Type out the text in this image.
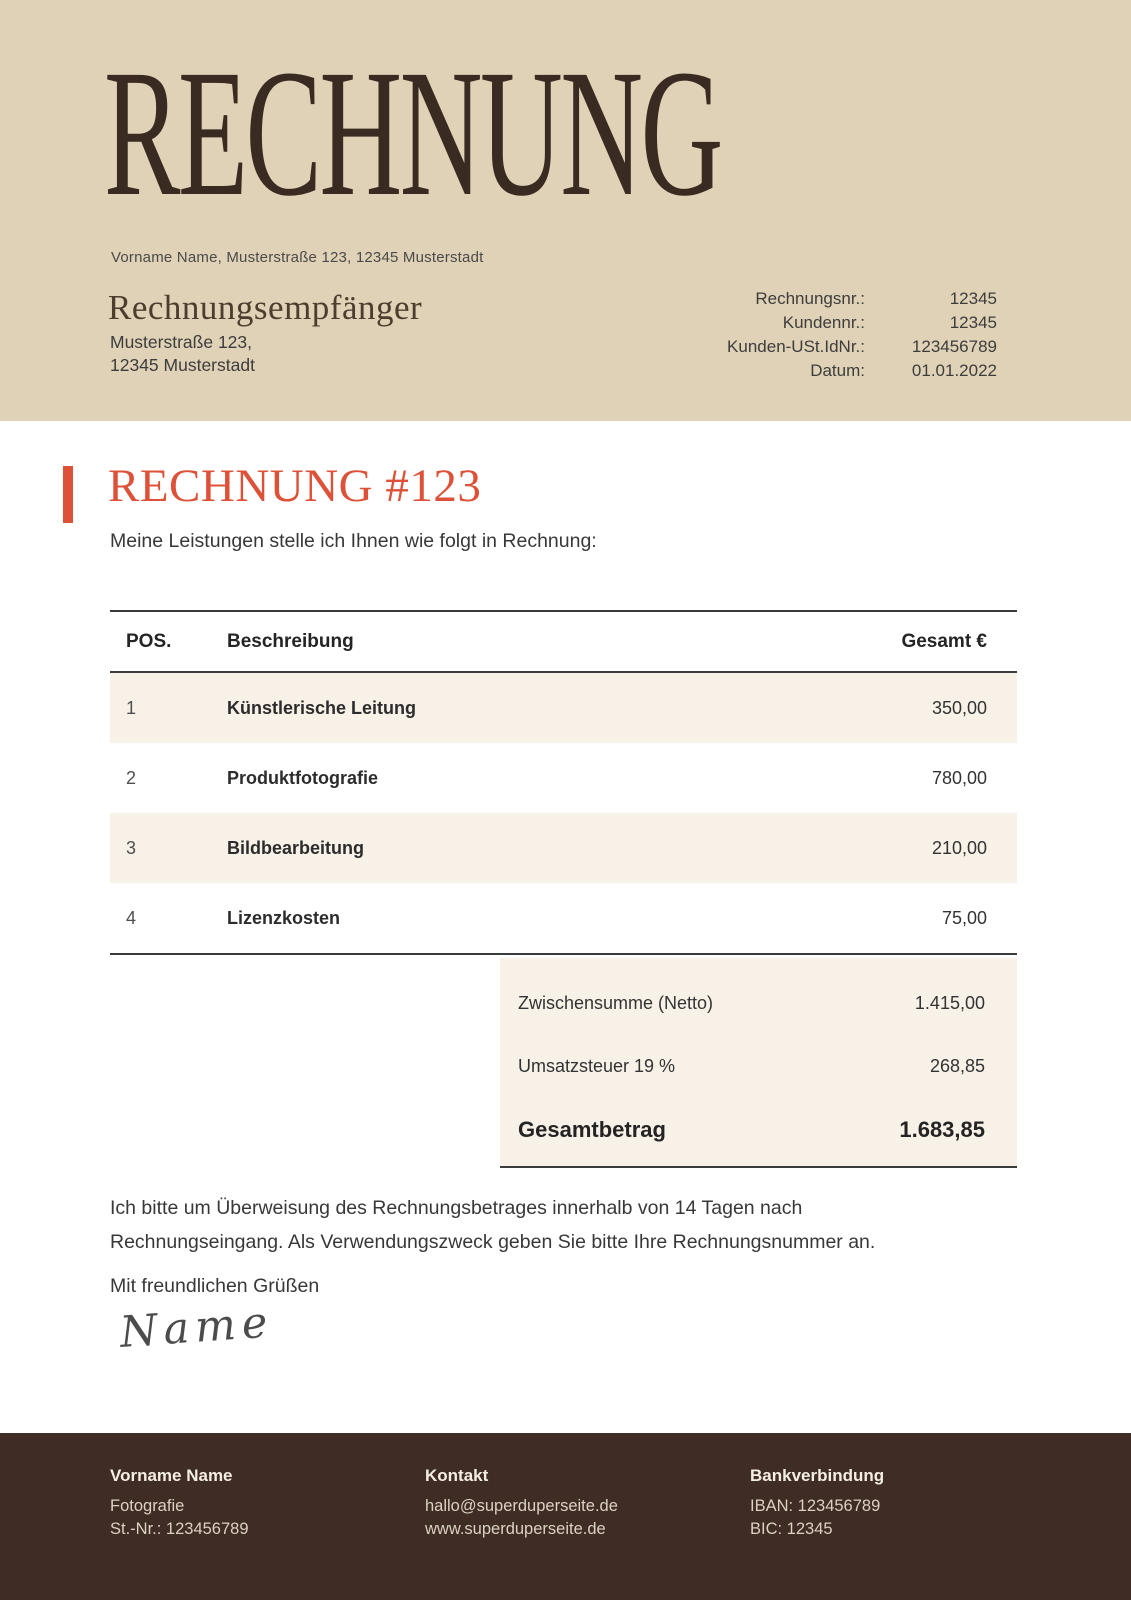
RECHNUNG
Vorname Name, Musterstraße 123, 12345 Musterstadt
Rechnungsempfänger
Musterstraße 123,
12345 Musterstadt
Rechnungsnr.:	12345
Kundennr.:	12345
Kunden-USt.IdNr.:	123456789
Datum:	01.01.2022
RECHNUNG #123
Meine Leistungen stelle ich Ihnen wie folgt in Rechnung:
POS.	Beschreibung	Gesamt €
1	Künstlerische Leitung	350,00
2	Produktfotografie	780,00
3	Bildbearbeitung	210,00
4	Lizenzkosten	75,00
Zwischensumme (Netto)	1.415,00
Umsatzsteuer 19 %	268,85
Gesamtbetrag	1.683,85
Ich bitte um Überweisung des Rechnungsbetrages innerhalb von 14 Tagen nach
Rechnungseingang. Als Verwendungszweck geben Sie bitte Ihre Rechnungsnummer an.
Mit freundlichen Grüßen
Name
Vorname Name
Fotografie
St.-Nr.: 123456789
Kontakt
hallo@superduperseite.de
www.superduperseite.de
Bankverbindung
IBAN: 123456789
BIC: 12345
